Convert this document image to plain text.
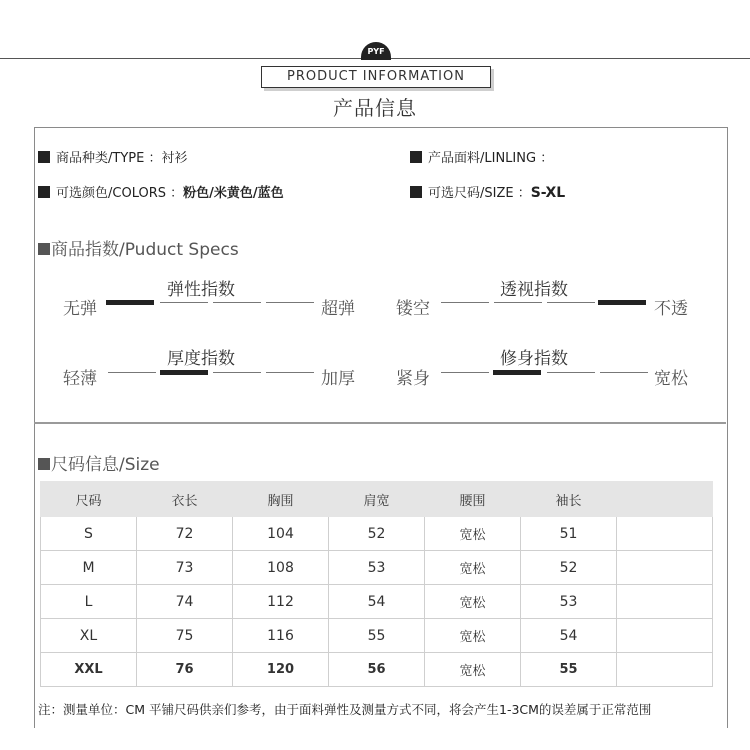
PYF
PRODUCT INFORMATION
产品信息
商品种类/TYPE ：衬衫	产品面料/LINLING ：
可选颜色/COLORS ：粉色/米黄色/蓝色	可选尺码/SIZE ：S-XL
商品指数/Puduct Specs
弹性指数
无弹	超弹
透视指数
镂空	不透
厚度指数
轻薄	加厚
修身指数
紧身	宽松
尺码信息/Size
尺码	衣长	胸围	肩宽	腰围	袖长	
S	72	104	52	宽松	51	
M	73	108	53	宽松	52	
L	74	112	54	宽松	53	
XL	75	116	55	宽松	54	
XXL	76	120	56	宽松	55	
注：测量单位：CM 平铺尺码供亲们参考，由于面料弹性及测量方式不同，将会产生1-3CM的误差属于正常范围
